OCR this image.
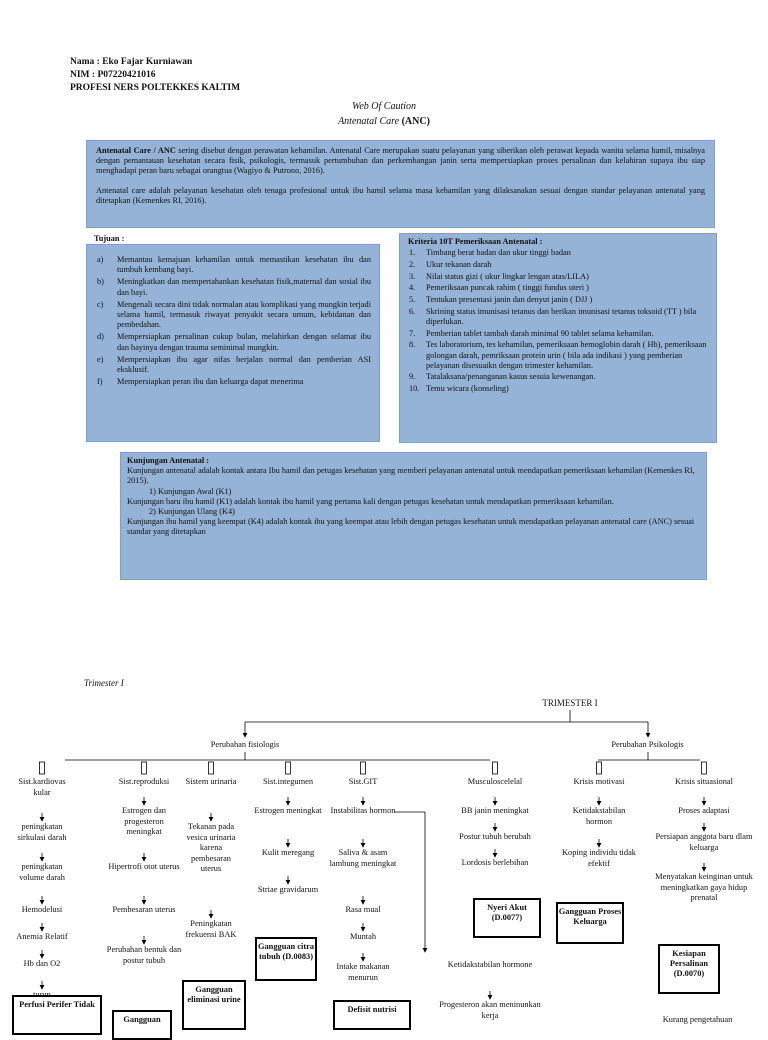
Nama : Eko Fajar Kurniawan
NIM : P07220421016
PROFESI NERS POLTEKKES KALTIM
Web Of Caution
Antenatal Care (ANC)
Antenatal Care / ANC sering disebut dengan perawatan kehamilan. Antenatal Care merupakan suatu pelayanan yang siberikan oleh perawat kepada wanita selama hamil, misalnya dengan pemantauan kesehatan secara fisik, psikologis, termasuk pertumbuhan dan perkembangan janin serta mempersiapkan proses persalinan dan kelahiran supaya ibu siap menghadapi peran baru sebagai orangtua (Wagiyo & Putrono, 2016).
Antenatal care adalah pelayanan kesehatan oleh tenaga profesional untuk ibu hamil selama masa kehamilan yang dilaksanakan sesuai dengan standar pelayanan antenatal yang ditetapkan (Kemenkes RI, 2016).
Tujuan :
a) Memantau kemajuan kehamilan untuk memastikan kesehatan ibu dan tumbuh kembang bayi.
b) Meningkatkan dan mempertahankan kesehatan fisik,maternal dan sosial ibu dan bayi.
c) Mengenali secara dini tidak normalan atau komplikasi yang mungkin terjadi selama hamil, termasuk riwayat penyakit secara umum, kebidanan dan pembedahan.
d) Mempersiapkan persalinan cukup bulan, melahirkan dengan selamat ibu dan bayinya dengan trauma seminimal mungkin.
e) Mempersiapkan ibu agar nifas berjalan normal dan pemberian ASI eksklusif.
f) Mempersiapkan peran ibu dan keluarga dapat menerima
Kriteria 10T Pemeriksaan Antenatal :
1. Timbang berat badan dan ukur tinggi badan
2. Ukur tekanan darah
3. Nilai status gizi ( ukur lingkar lengan atas/LILA)
4. Pemeriksaan puncak rahim ( tinggi fundus uteri )
5. Tentukan presentasi janin dan denyut janin ( DJJ )
6. Skrining status imunisasi tetanus dan berikan imunisasi tetanus toksoid (TT ) bila diperlukan.
7. Pemberian tablet tambah darah minimal 90 tablet selama kehamilan.
8. Tes laboratorium, tes kehamilan, pemeriksaan hemoglobin darah ( Hb), pemeriksaan golongan darah, pemriksaan protein urin ( bila ada indikasi ) yang pemberian pelayanan disesuaikn dengan trimester kehamilan.
9. Tatalaksana/penanganan kasus sesuia kewenangan.
10. Temu wicara (konseling)
Kunjungan Antenatal :
Kunjungan antenatal adalah kontak antara Ibu hamil dan petugas kesehatan yang memberi pelayanan antenatal untuk mendapatkan pemeriksaan kehamilan (Kemenkes RI, 2015).
1) Kunjungan Awal (K1)
Kunjungan baru ibu hamil (K1) adalah kontak ibu hamil yang pertama kali dengan petugas kesehatan untuk mendapatkan pemeriksaan kehamilan.
2) Kunjungan Ulang (K4)
Kunjungan ibu hamil yang keempat (K4) adalah kontak ibu yang keempat atau lebih dengan petugas kesehatan untuk mendapatkan pelayanan antenatal care (ANC) sesuai standar yang ditetapkan
Trimester I
TRIMESTER I
Perubahan fisiologis	Perubahan Psikologis
Sist.kardiovas kular
peningkatan sirkulasi darah
peningkatan volume darah
Hemodelusi
Anemia Relatif
Hb dan O2
Sist.reproduksi
Estrogen dan progesteron meningkat
Hipertrofi otot uterus
Pembesaran uterus
Perubahan bentuk dan postur tubuh
Sistem urinaria
Tekanan pada vesica urinaria karena pembesaran uterus
Peningkatan frekuensi BAK
Sist.integumen
Estrogen meningkat
Kulit meregang
Striae gravidarum
Sist.GIT
Instabilitas hormon
Saliva & asam lambung meningkat
Rasa mual
Muntah
Intake makanan menurun
Musculoscelelal
BB janin meningkat
Postur tubuh berubah
Lordosis berlebihan
Ketidakstabilan hormone
Progesteron akan meninunkan kerja
Krisis motivasi
Ketidakstabilan hormon
Koping individu tidak efektif
Krisis situasional
Proses adaptasi
Persiapan anggota baru dlam keluarga
Menyatakan keinginan untuk meningkatkan gaya hidup prenatal
Perfusi Perifer Tidak
Gangguan
Gangguan eliminasi urine
Gangguan citra tubuh (D.0083)
Defisit nutrisi
Nyeri Akut (D.0077)
Gangguan Proses Keluarga
Kesiapan Persalinan (D.0070)
Kurang pengetahuan
